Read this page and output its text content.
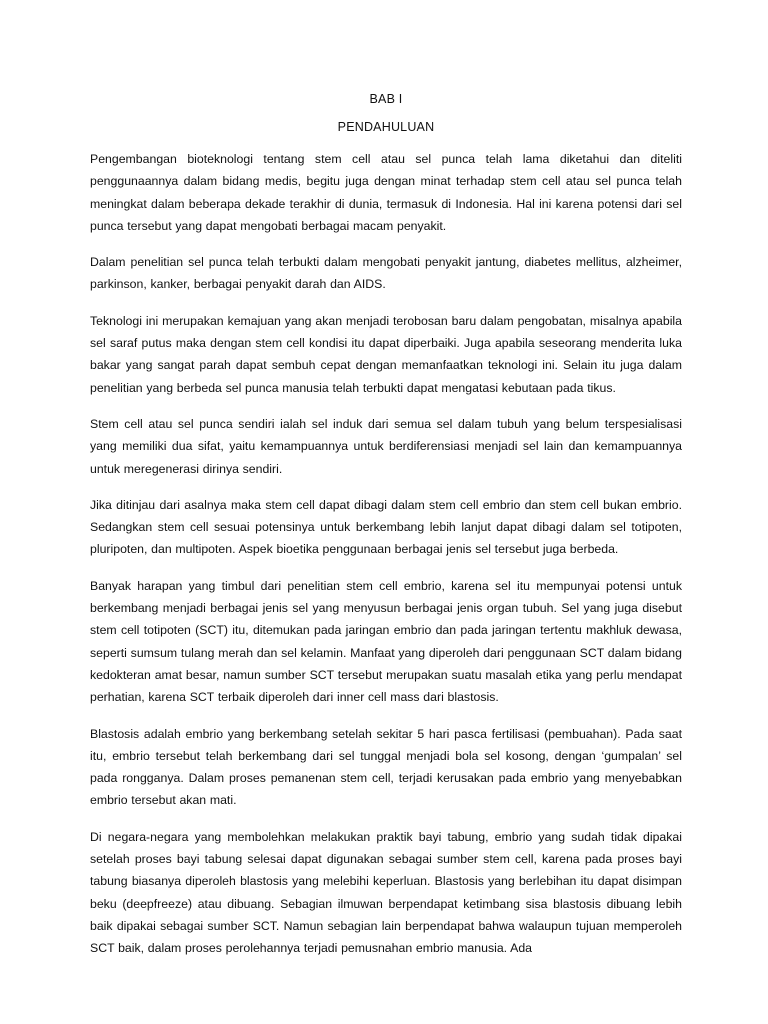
BAB I
PENDAHULUAN

Pengembangan bioteknologi tentang stem cell atau sel punca telah lama diketahui dan diteliti penggunaannya dalam bidang medis, begitu juga dengan minat terhadap stem cell atau sel punca telah meningkat dalam beberapa dekade terakhir di dunia, termasuk di Indonesia. Hal ini karena potensi dari sel punca tersebut yang dapat mengobati berbagai macam penyakit.

Dalam penelitian sel punca telah terbukti dalam mengobati penyakit jantung, diabetes mellitus, alzheimer, parkinson, kanker, berbagai penyakit darah dan AIDS.

Teknologi ini merupakan kemajuan yang akan menjadi terobosan baru dalam pengobatan, misalnya apabila sel saraf putus maka dengan stem cell kondisi itu dapat diperbaiki. Juga apabila seseorang menderita luka bakar yang sangat parah dapat sembuh cepat dengan memanfaatkan teknologi ini. Selain itu juga dalam penelitian yang berbeda sel punca manusia telah terbukti dapat mengatasi kebutaan pada tikus.

Stem cell atau sel punca sendiri ialah sel induk dari semua sel dalam tubuh yang belum terspesialisasi yang memiliki dua sifat, yaitu kemampuannya untuk berdiferensiasi menjadi sel lain dan kemampuannya untuk meregenerasi dirinya sendiri.

Jika ditinjau dari asalnya maka stem cell dapat dibagi dalam stem cell embrio dan stem cell bukan embrio. Sedangkan stem cell sesuai potensinya untuk berkembang lebih lanjut dapat dibagi dalam sel totipoten, pluripoten, dan multipoten. Aspek bioetika penggunaan berbagai jenis sel tersebut juga berbeda.

Banyak harapan yang timbul dari penelitian stem cell embrio, karena sel itu mempunyai potensi untuk berkembang menjadi berbagai jenis sel yang menyusun berbagai jenis organ tubuh. Sel yang juga disebut stem cell totipoten (SCT) itu, ditemukan pada jaringan embrio dan pada jaringan tertentu makhluk dewasa, seperti sumsum tulang merah dan sel kelamin. Manfaat yang diperoleh dari penggunaan SCT dalam bidang kedokteran amat besar, namun sumber SCT tersebut merupakan suatu masalah etika yang perlu mendapat perhatian, karena SCT terbaik diperoleh dari inner cell mass dari blastosis.

Blastosis adalah embrio yang berkembang setelah sekitar 5 hari pasca fertilisasi (pembuahan). Pada saat itu, embrio tersebut telah berkembang dari sel tunggal menjadi bola sel kosong, dengan ‘gumpalan’ sel pada rongganya. Dalam proses pemanenan stem cell, terjadi kerusakan pada embrio yang menyebabkan embrio tersebut akan mati.

Di negara-negara yang membolehkan melakukan praktik bayi tabung, embrio yang sudah tidak dipakai setelah proses bayi tabung selesai dapat digunakan sebagai sumber stem cell, karena pada proses bayi tabung biasanya diperoleh blastosis yang melebihi keperluan. Blastosis yang berlebihan itu dapat disimpan beku (deepfreeze) atau dibuang. Sebagian ilmuwan berpendapat ketimbang sisa blastosis dibuang lebih baik dipakai sebagai sumber SCT. Namun sebagian lain berpendapat bahwa walaupun tujuan memperoleh SCT baik, dalam proses perolehannya terjadi pemusnahan embrio manusia. Ada
